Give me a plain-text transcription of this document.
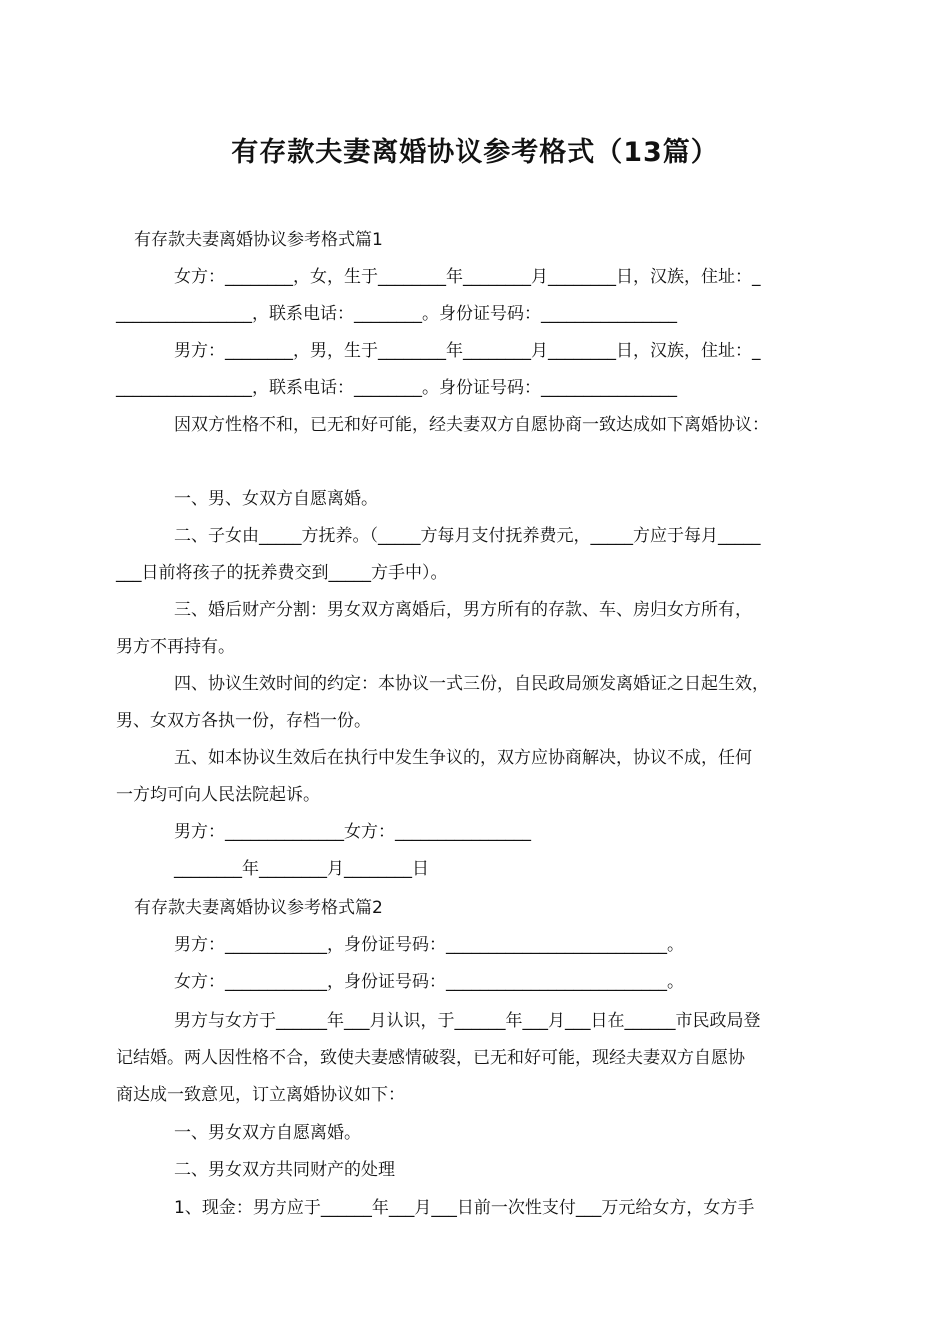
有存款夫妻离婚协议参考格式（13篇）
有存款夫妻离婚协议参考格式篇1
女方：________，女，生于________年________月________日，汉族，住址：_
________________，联系电话：________。身份证号码：________________
男方：________，男，生于________年________月________日，汉族，住址：_
________________，联系电话：________。身份证号码：________________
因双方性格不和，已无和好可能，经夫妻双方自愿协商一致达成如下离婚协议：
一、男、女双方自愿离婚。
二、子女由_____方抚养。（_____方每月支付抚养费元，_____方应于每月_____
___日前将孩子的抚养费交到_____方手中）。
三、婚后财产分割：男女双方离婚后，男方所有的存款、车、房归女方所有，
男方不再持有。
四、协议生效时间的约定：本协议一式三份，自民政局颁发离婚证之日起生效，
男、女双方各执一份，存档一份。
五、如本协议生效后在执行中发生争议的，双方应协商解决，协议不成，任何
一方均可向人民法院起诉。
男方：______________女方：________________
________年________月________日
有存款夫妻离婚协议参考格式篇2
男方：____________，身份证号码：__________________________。
女方：____________，身份证号码：__________________________。
男方与女方于______年___月认识，于______年___月___日在______市民政局登
记结婚。两人因性格不合，致使夫妻感情破裂，已无和好可能，现经夫妻双方自愿协
商达成一致意见，订立离婚协议如下：
一、男女双方自愿离婚。
二、男女双方共同财产的处理
1、现金：男方应于______年___月___日前一次性支付___万元给女方，女方手
